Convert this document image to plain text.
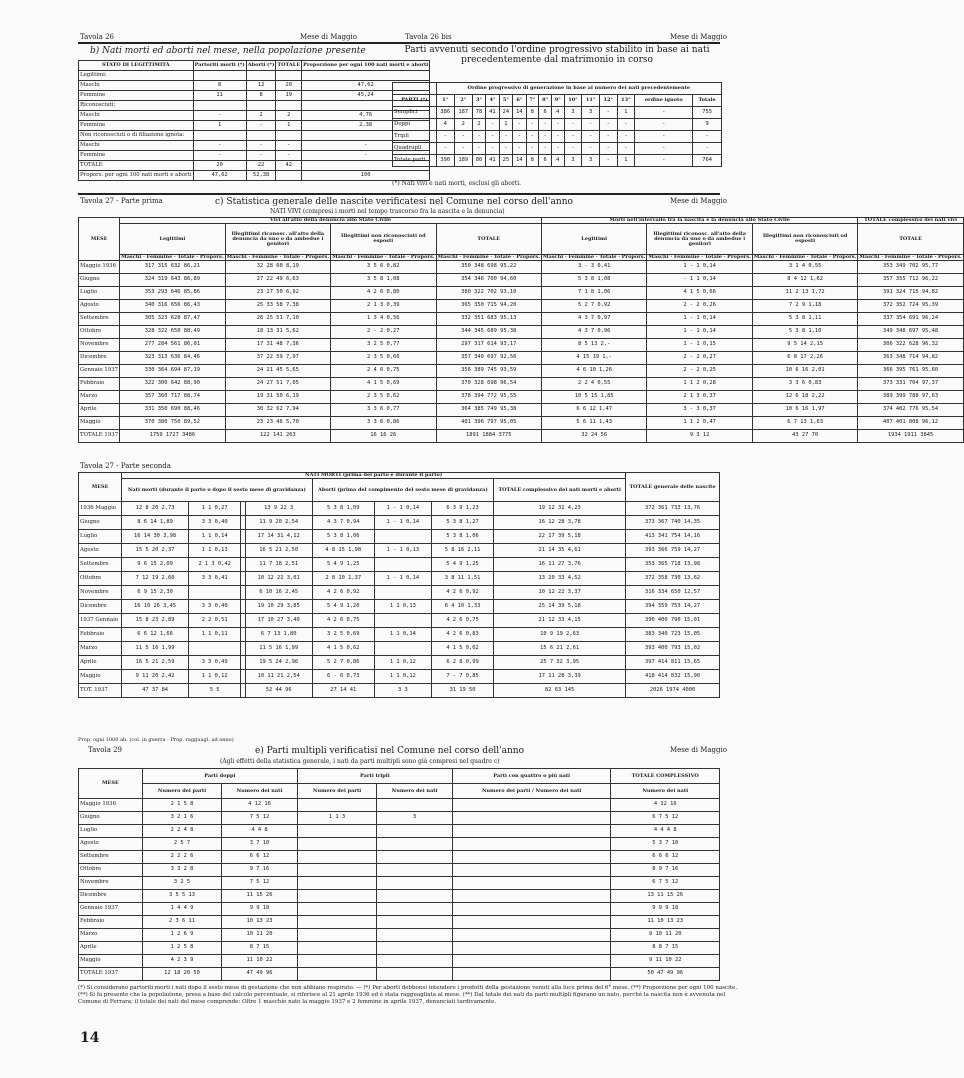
Tavola 26	Mese di Maggio	Tavola 26 bis	Mese di Maggio
b) Nati morti ed aborti nel mese, nella popolazione presente
STATO DI LEGITTIMITÀ	Partoriti morti (*)	Aborti (*)	TOTALE	Proporzione per ogni 100 nati morti e aborti
Legittimi:				
Maschi	8	12	20	47,62
Femmine	11	8	19	45,24
Riconosciuti:				
Maschi	-	2	2	4,76
Femmine	1	-	1	2,38
Non riconosciuti o di filiazione ignota:				
Maschi	-	-	-	-
Femmine	-	-	-	-
TOTALE	20	22	42	
Propors. per ogni 100 nati morti e aborti	47,62	52,38		100
Parti avvenuti secondo l'ordine progressivo stabilito in base ai nati precedentemente dal matrimonio in corso
	Ordine progressivo di generazione in base ai numero dei nati precedentemente														
PARTI (*)	1°	2°	3°	4°	5°	6°	7°	8°	9°	10°	11°	12°	13°	ordine ignoto	Totale
Semplici	386	187	78	41	24	14	8	6	4	3	3	-	1	-	755
Doppi	4	2	2	-	1	-	-	-	-	-	-	-	-	-	9
Tripli	-	-	-	-	-	-	-	-	-	-	-	-	-	-	-
Quadrupli	-	-	-	-	-	-	-	-	-	-	-	-	-	-	-
Totale parti	390	189	80	41	25	14	8	6	4	3	3	-	1	-	764
(*) Nati vivi e nati morti, esclusi gli aborti.
Tavola 27 - Parte prima	Mese di Maggio
c) Statistica generale delle nascite verificatesi nel Comune nel corso dell'anno
NATI VIVI (compresi i morti nel tempo trascorso fra la nascita e la denuncia)
MESE	Vivi all'atto della denuncia allo Stato Civile				Morti nell'intervallo fra la nascita e la denuncia allo Stato Civile			TOTALE complessivo dei nati vivi
	Legittimi	Illegittimi riconosc. all'atto della denuncia da uno o da ambedue i genitori	Illegittimi non riconosciuti od esposti	TOTALE	Legittimi	Illegittimi riconosc. all'atto della denuncia da uno o da ambedue i genitori	Illegittimi non riconosciuti od esposti	TOTALE
	Maschi · Femmine · Totale · Propors.	Maschi · Femmine · Totale · Propors.	Maschi · Femmine · Totale · Propors.	Maschi · Femmine · Totale · Propors.	Maschi · Femmine · Totale · Propors.	Maschi · Femmine · Totale · Propors.	Maschi · Femmine · Totale · Propors.	Maschi · Femmine · Totale · Propors.
Maggio 1936	317 315 632 86,21	32 28 60 8,19	3 5 6 0,82	350 348 698 95,22	3 - 3 0,41	1 - 1 0,14	3 1 4 0,55	353 349 702 95,77
Giugno	324 319 643 86,89	27 22 49 6,63	3 5 8 1,08	354 346 700 94,60	5 3 8 1,08	- 1 1 0,14	8 4 12 1,62	357 355 712 96,22
Luglio	353 293 646 85,86	23 27 50 6,92	4 2 6 0,80	380 322 702 93,10	7 1 8 1,06	4 1 5 0,66	11 2 13 1,72	391 324 715 94,82
Agosto	340 316 656 86,43	25 33 58 7,38	2 1 3 0,39	365 350 715 94,20	5 2 7 0,92	2 - 2 0,26	7 2 9 1,18	372 352 724 95,39
Settembre	305 323 628 87,47	26 25 51 7,10	1 3 4 0,56	332 351 683 95,13	4 3 7 0,97	1 - 1 0,14	5 3 8 1,11	337 354 691 96,24
Ottobre	328 322 650 88,49	18 13 31 5,62	2 - 2 0,27	344 345 689 95,38	4 3 7 0,96	1 - 1 0,14	5 3 8 1,10	349 348 697 95,48
Novembre	277 284 561 86,01	17 31 48 7,36	3 2 5 0,77	297 317 614 93,17	8 5 13 2,-	1 - 1 0,15	9 5 14 2,15	306 322 628 96,32
Dicembre	323 313 636 84,46	37 22 59 7,97	2 3 5 0,66	357 340 697 92,56	4 15 19 1,-	2 - 2 0,27	6 8 17 2,26	363 348 714 94,82
Gennaio 1937	330 364 694 87,19	24 21 45 5,65	2 4 6 0,75	356 389 745 93,59	4 6 10 1,26	2 - 2 0,25	10 6 16 2,01	366 395 761 95,60
Febbraio	322 300 642 88,90	24 27 51 7,05	4 1 5 0,69	370 328 698 96,54	2 2 4 0,55	1 1 2 0,28	3 3 6 0,83	373 331 704 97,37
Marzo	357 360 717 88,74	19 31 50 6,19	2 3 5 0,62	378 394 772 95,55	10 5 15 1,85	2 1 3 0,37	12 6 18 2,22	389 399 788 97,63
Aprile	331 350 690 88,46	30 32 62 7,94	3 3 6 0,77	364 385 749 95,38	6 6 12 1,47	3 - 3 0,37	10 6 16 1,97	374 402 776 95,54
Maggio	370 380 750 89,52	23 23 46 5,70	3 3 6 0,86	401 396 797 95,05	5 6 11 1,43	1 1 2 0,47	6 7 13 1,63	407 401 808 96,12
TOTALE 1937	1759 1727 3486	122 141 263	16 16 26	1891 1884 3775	32 24 56	9 3 12	43 27 70	1934 1911 3845
Tavola 27 - Parte seconda
MESE	NATI MORTI (prima del parto e durante il parto)								TOTALE generale delle nascite
	Nati morti (durante il parto o dopo il sesto mese di gravidanza)				Aborti (prima del compimento del sesto mese di gravidanza)			TOTALE complessivo dei nati morti e aborti	
1936 Maggio	12 8 20 2,73	1 1 0,27		13 9 22 3	5 3 8 1,09	1 - 1 0,14	6 3 9 1,23	19 12 31 4,23	372 361 733 13,76
Giugno	8 6 14 1,89	3 3 0,40		11 9 20 2,54	4 3 7 0,94	1 - 1 0,14	5 3 8 1,27	16 12 28 3,78	373 367 740 14,35
Luglio	16 14 30 3,98	1 1 0,14		17 14 31 4,12	5 3 8 1,06		5 3 8 1,06	22 17 39 5,18	413 341 754 14,16
Agosto	15 5 20 2,37	1 1 0,13		16 5 21 2,50	4 8 15 1,98	1 - 1 0,13	5 8 16 2,11	21 14 35 4,61	393 366 759 14,27
Settembre	9 6 15 2,09	2 1 3 0,42		11 7 18 2,51	5 4 9 1,25		5 4 9 1,25	16 11 27 3,76	353 365 718 13,98
Ottobre	7 12 19 2,60	3 3 0,41		10 12 22 3,01	2 8 10 1,37	1 - 1 0,14	3 8 11 1,51	13 20 33 4,52	372 358 730 13,62
Novembre	6 9 15 2,30			6 10 16 2,45	4 2 6 0,92		4 2 6 0,92	10 12 22 3,37	316 334 650 12,57
Dicembre	16 10 26 3,45	3 3 0,40		19 10 29 3,85	5 4 9 1,20	1 1 0,13	6 4 10 1,33	25 14 39 5,18	394 359 753 14,27
1937 Gennaio	15 8 23 2,89	2 2 0,51		17 10 27 3,40	4 2 6 0,75		4 2 6 0,75	21 12 33 4,15	390 400 790 15,01
Febbraio	6 6 12 1,66	1 1 0,11		6 7 13 1,80	3 2 5 0,69	1 1 0,14	4 2 6 0,83	10 9 19 2,63	383 340 723 15,05
Marzo	11 5 16 1,99			11 5 16 1,99	4 1 5 0,62		4 1 5 0,62	15 6 21 2,61	393 400 793 15,02
Aprile	16 5 21 2,59	3 3 0,49		19 5 24 2,96	5 2 7 0,86	1 1 0,12	6 2 8 0,99	25 7 32 3,95	397 414 811 15,65
Maggio	9 11 20 2,42	1 1 0,12		10 11 21 2,54	6 - 6 0,73	1 1 0,12	7 - 7 0,85	17 11 28 3,39	418 414 832 15,90
TOT. 1937	47 37 84	5 5		52 44 96	27 14 41	3 3	31 19 50	82 63 145	2026 1974 4000
Tavola 29	Mese di Maggio
e) Parti multipli verificatisi nel Comune nel corso dell'anno
(Agli effetti della statistica generale, i nati da parti multipli sono già compresi nel quadro c)
MESE	Parti doppi		Parti tripli		Parti con quattro o più nati	TOTALE COMPLESSIVO
	Numero dei parti	Numero dei nati	Numero dei parti	Numero dei nati	Numero dei parti / Numero dei nati	Numero dei nati
Maggio 1936	2 1 5 8	4 12 16				4 12 16
Giugno	3 2 1 6	7 5 12	1 1 3	3		6 7 5 12
Luglio	2 2 4 8	4 4 8				4 4 4 8
Agosto	2 5 7	3 7 10				5 3 7 10
Settembre	2 2 2 6	6 6 12				6 6 6 12
Ottobre	3 3 2 8	9 7 16				8 9 7 16
Novembre	3 2 5	7 5 12				6 7 5 12
Dicembre	3 5 5 13	11 15 26				13 11 15 26
Gennaio 1937	1 4 4 9	9 9 18				9 9 9 18
Febbraio	2 3 6 11	10 13 23				11 10 13 23
Marzo	1 2 6 9	10 11 20				9 10 11 20
Aprile	1 2 5 8	8 7 15				8 8 7 15
Maggio	4 2 3 9	11 10 22				9 11 10 22
TOTALE 1937	12 18 20 50	47 49 96				50 47 49 96
(*) Si considerano partoriti morti i nati dopo il sesto mese di gestazione che non abbiano respirato. — (*) Per aborti debbonsi intendere i prodotti della gestazione venuti alla luce prima del 6° mese. (**) Proporzione per ogni 100 nascite. (**) Si fa presente che la popolazione, presa a base del calcolo percentuale, si riferisce al 21 aprile 1936 ed è stata ragguagliata al mese. (**) Dal totale dei nati da parti multipli figurano un nato, perché la nascita non è avvenuta nel Comune di Ferrara; il totale dei nati del mese comprende: Oltre 1 maschio nato la maggio 1937 e 2 femmine in aprile 1937, denunciati tardivamente.
14
Prop. ogni 1000 ab. (col. in guerra - Prop. ragguagl. ad anno)
